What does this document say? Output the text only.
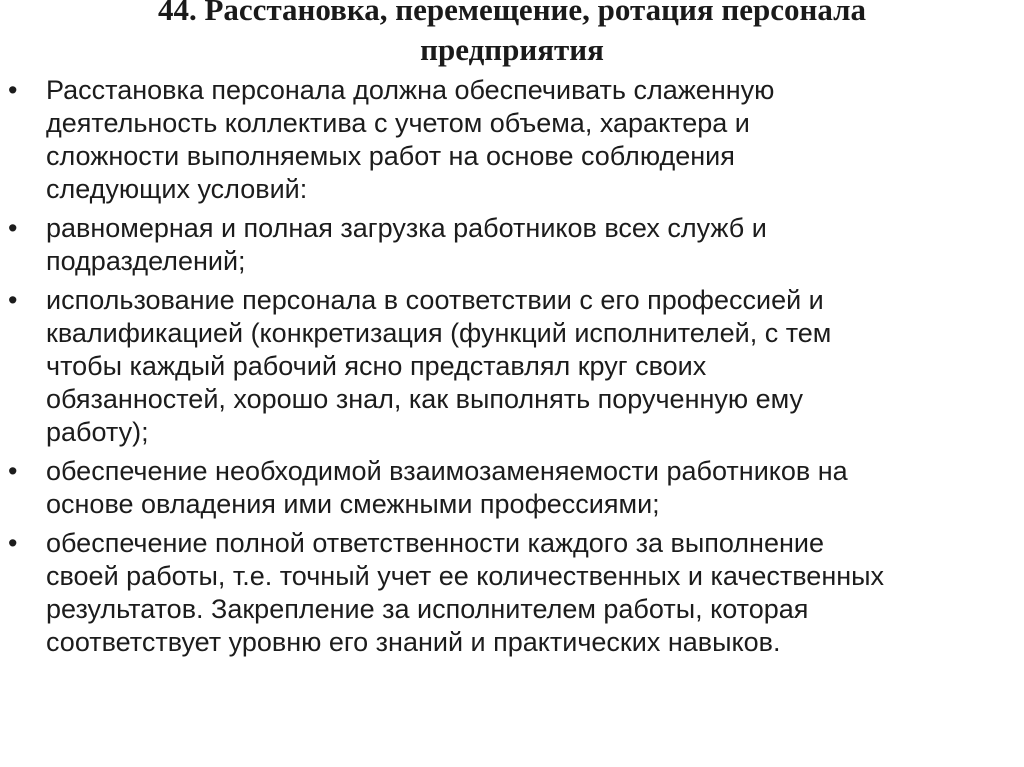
44. Расстановка, перемещение, ротация персонала
предприятия
• Расстановка персонала должна обеспечивать слаженную
деятельность коллектива с учетом объема, характера и
сложности выполняемых работ на основе соблюдения
следующих условий:
• равномерная и полная загрузка работников всех служб и
подразделений;
• использование персонала в соответствии с его профессией и
квалификацией (конкретизация (функций исполнителей, с тем
чтобы каждый рабочий ясно представлял круг своих
обязанностей, хорошо знал, как выполнять порученную ему
работу);
• обеспечение необходимой взаимозаменяемости работников на
основе овладения ими смежными профессиями;
• обеспечение полной ответственности каждого за выполнение
своей работы, т.е. точный учет ее количественных и качественных
результатов. Закрепление за исполнителем работы, которая
соответствует уровню его знаний и практических навыков.
